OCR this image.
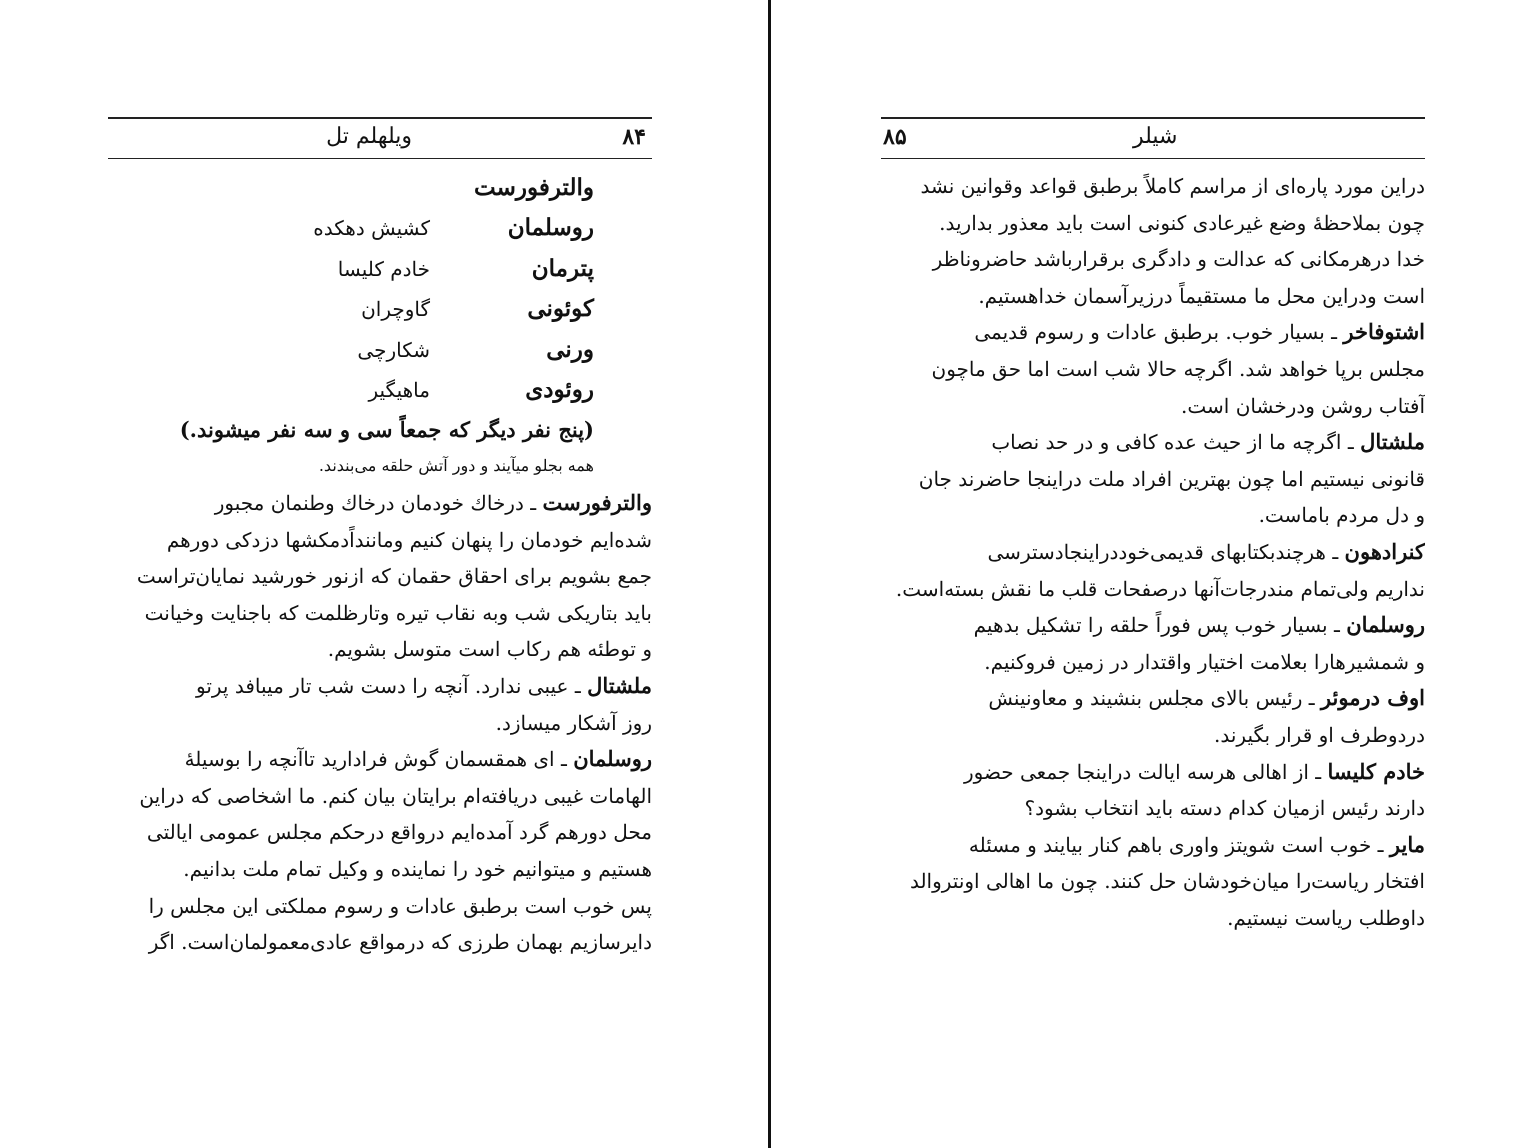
ویلهلم تل	۸۴
والترفورست
روسلمان
کشیش دهکده
پترمان
خادم کلیسا
کوئونی
گاوچران
ورنی
شکارچی
روئودی
ماهیگیر
(پنج نفر دیگر که جمعاً سی و سه نفر میشوند.)
همه بجلو میآیند و دور آتش حلقه می‌بندند.
والترفورست ـ درخاك خودمان درخاك وطنمان مجبور
شده‌ایم خودمان را پنهان کنیم وماننداًدمکشها دزدکی دورهم
جمع بشویم برای احقاق حقمان که ازنور خورشید نمایان‌تراست
باید بتاریکی شب وبه نقاب تیره وتارظلمت که باجنایت وخیانت
و توطئه هم رکاب است متوسل بشویم.
ملشتال ـ عیبی ندارد. آنچه را دست شب تار میبافد پرتو
روز آشکار میسازد.
روسلمان ـ ای همقسمان گوش فرادارید تاآنچه را بوسیلهٔ
الهامات غیبی دریافته‌ام برایتان بیان کنم. ما اشخاصی که دراین
محل دورهم گرد آمده‌ایم درواقع درحکم مجلس عمومی ایالتی
هستیم و میتوانیم خود را نماینده و وکیل تمام ملت بدانیم.
پس خوب است برطبق عادات و رسوم مملکتی این مجلس را
دایرسازیم بهمان طرزی که درمواقع عادی‌معمولمان‌است. اگر
شیلر
۸۵
دراین مورد پاره‌ای از مراسم کاملاً برطبق قواعد وقوانین نشد
چون بملاحظهٔ وضع غیرعادی کنونی است باید معذور بدارید.
خدا درهرمکانی که عدالت و دادگری برقرارباشد حاضروناظر
است ودراین محل ما مستقیماً درزیرآسمان خداهستیم.
اشتوفاخر ـ بسیار خوب. برطبق عادات و رسوم قدیمی
مجلس برپا خواهد شد. اگرچه حالا شب است اما حق ماچون
آفتاب روشن ودرخشان است.
ملشتال ـ اگرچه ما از حیث عده کافی و در حد نصاب
قانونی نیستیم اما چون بهترین افراد ملت دراینجا حاضرند جان
و دل مردم باماست.
کنرادهون ـ هرچندبکتابهای قدیمی‌خوددراینجادسترسی
نداریم ولی‌تمام مندرجات‌آنها درصفحات قلب ما نقش بسته‌است.
روسلمان ـ بسیار خوب پس فوراً حلقه را تشکیل بدهیم
و شمشیرهارا بعلامت اختیار واقتدار در زمین فروکنیم.
اوف درموئر ـ رئیس بالای مجلس بنشیند و معاونینش
دردوطرف او قرار بگیرند.
خادم کلیسا ـ از اهالی هرسه ایالت دراینجا جمعی حضور
دارند رئیس ازمیان کدام دسته باید انتخاب بشود؟
مایر ـ خوب است شویتز واوری باهم کنار بیایند و مسئله
افتخار ریاست‌را میان‌خودشان حل کنند. چون ما اهالی اونتروالد
داوطلب ریاست نیستیم.
